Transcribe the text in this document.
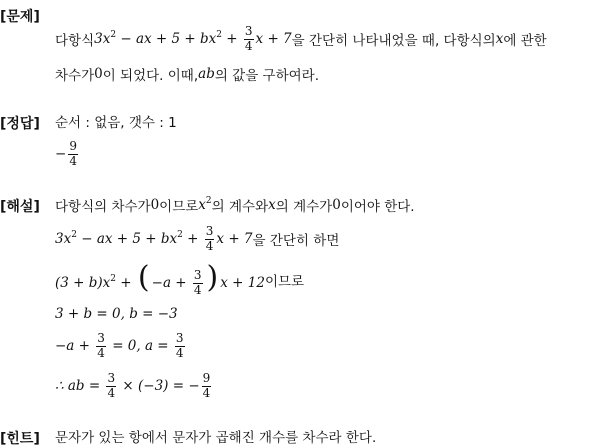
[문제]
다항식 $3x^2$ − ax + $5 + bx^2 + \frac{3}{4}$ x + 7 을 간단히 나타내었을 때, 다항식의 x 에 관한
차수가 0 이 되었다. 이때, ab 의 값을 구하여라.
[정답] 순서 : 없음, 갯수 : 1
− $\frac{9}{4}$
[해설] 다항식의 차수가 0 이므로 $x^2$ 의 계수와 x 의 계수가 0 이어야 한다.
$3x^2$ − ax + $5 + bx^2 + \frac{3}{4}$ x + 7 을 간단히 하면
$(3 + b)x^2$ + ( $-a + \frac{3}{4}$ ) x + 12 이므로
3 + b = 0, b = −3
$-a + \frac{3}{4} = 0$, $a = \frac{3}{4}$
∴ ab = $\frac{3}{4} \times (-3)$ = − $\frac{9}{4}$
[힌트] 문자가 있는 항에서 문자가 곱해진 개수를 차수라 한다.
